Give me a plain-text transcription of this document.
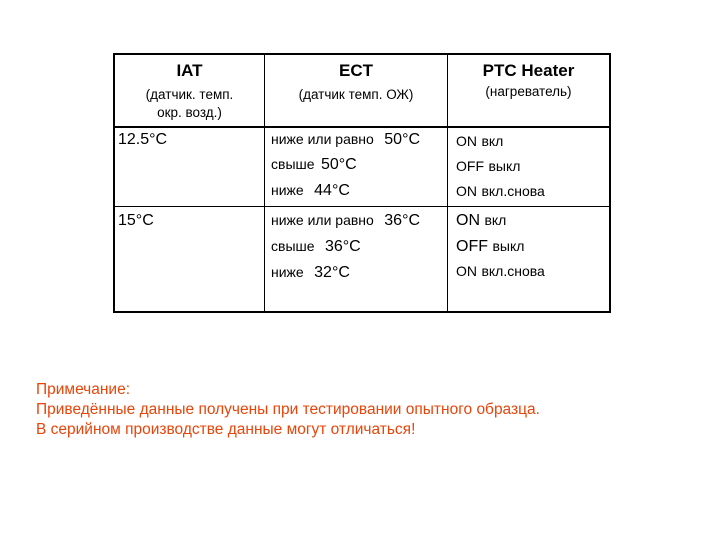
IAT
(датчик. темп.
окр. возд.)
ECT
(датчик темп. ОЖ)
PTC Heater
(нагреватель)
12.5°C	ниже или равно 50°C
свыше 50°C
ниже 44°C
ON вкл
OFF выкл
ON вкл.снова
15°C	ниже или равно 36°C
свыше 36°C
ниже 32°C
ON вкл
OFF выкл
ON вкл.снова
Примечание:
Приведённые данные получены при тестировании опытного образца.
В серийном производстве данные могут отличаться!
